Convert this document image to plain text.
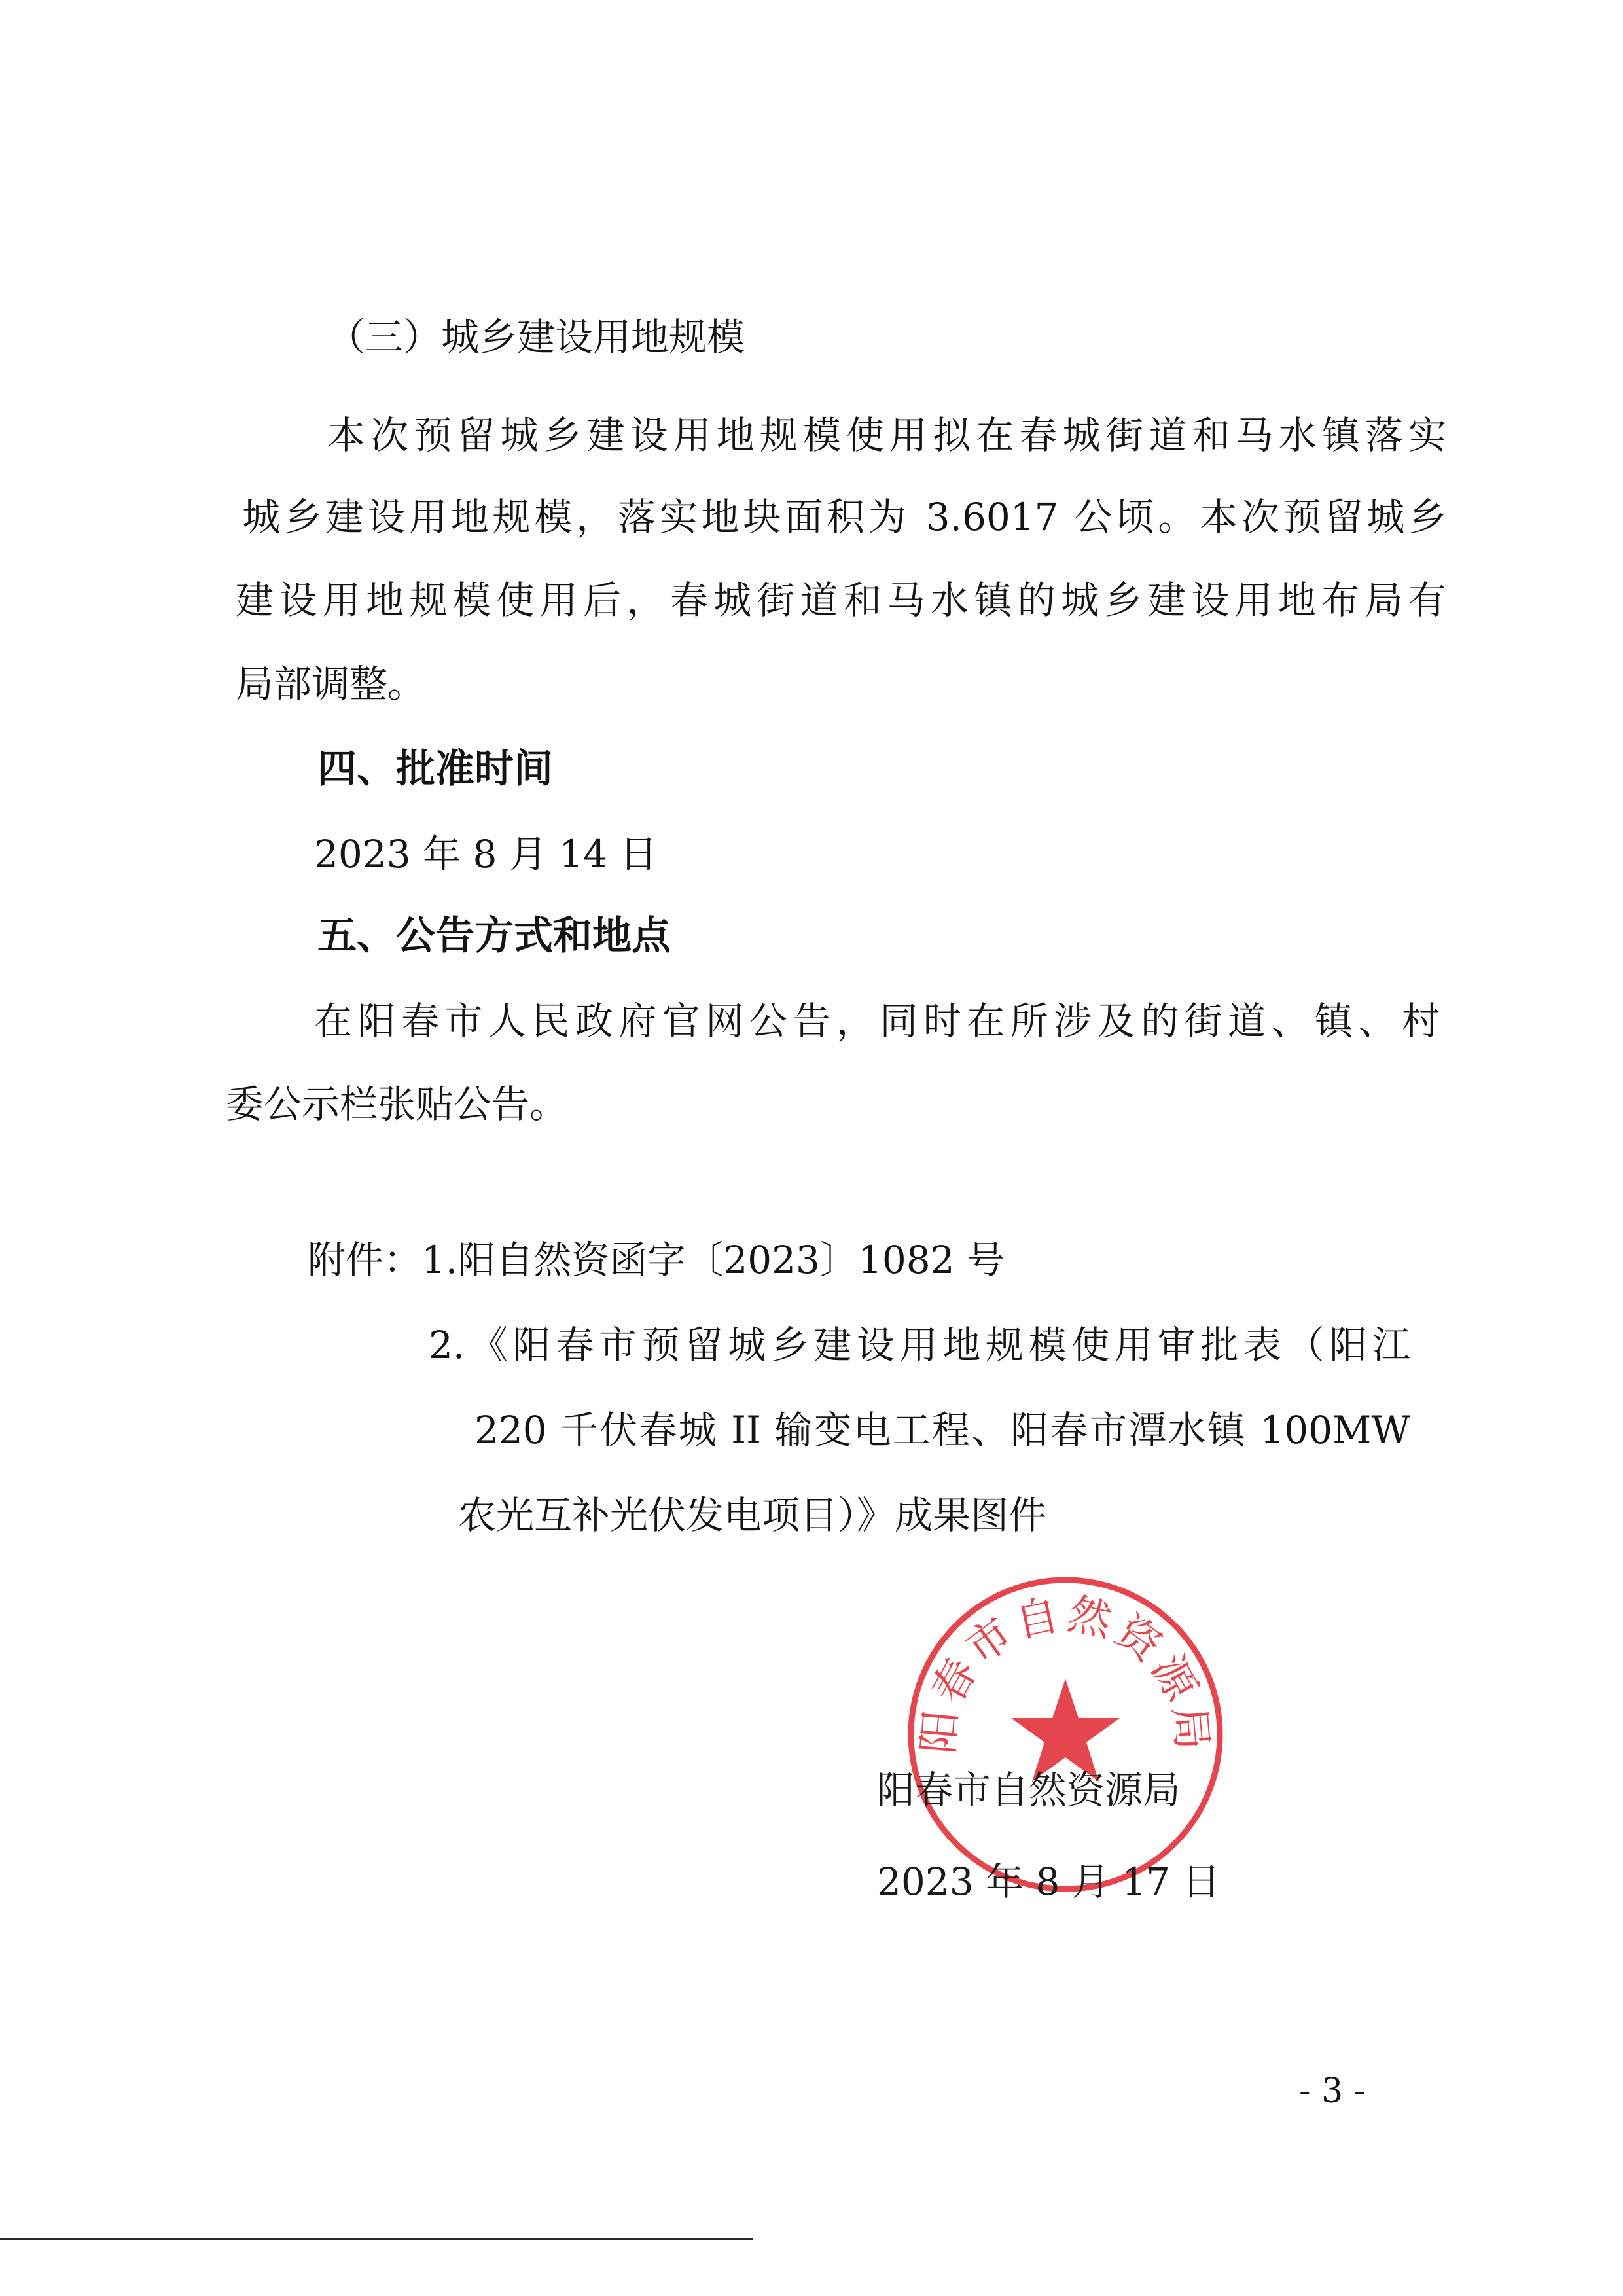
（三）城乡建设用地规模
本次预留城乡建设用地规模使用拟在春城街道和马水镇落实
城乡建设用地规模，落实地块面积为 3.6017 公顷。本次预留城乡
建设用地规模使用后，春城街道和马水镇的城乡建设用地布局有
局部调整。
四、批准时间
2023 年 8 月 14 日
五、公告方式和地点
在阳春市人民政府官网公告，同时在所涉及的街道、镇、村
委公示栏张贴公告。
附件：1.阳自然资函字〔2023〕1082 号
2.《阳春市预留城乡建设用地规模使用审批表（阳江
220 千伏春城 II 输变电工程、阳春市潭水镇 100MW
农光互补光伏发电项目）》成果图件
阳春市自然资源局
阳春市自然资源局
2023 年 8 月 17 日
- 3 -
